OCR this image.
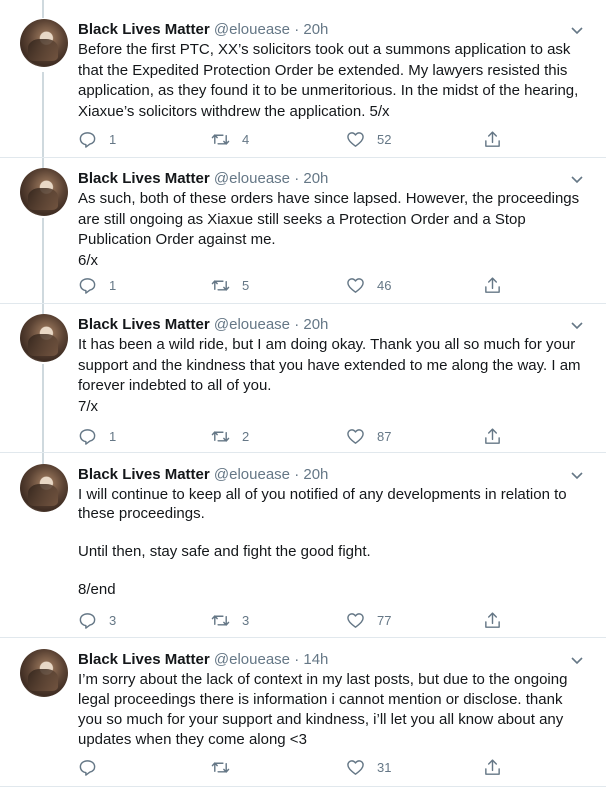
Black Lives Matter @elouease · 20h
Before the first PTC, XX’s solicitors took out a summons application to ask
that the Expedited Protection Order be extended. My lawyers resisted this
application, as they found it to be unmeritorious. In the midst of the hearing,
Xiaxue’s solicitors withdrew the application. 5/x
1	4	52
Black Lives Matter @elouease · 20h
As such, both of these orders have since lapsed. However, the proceedings
are still ongoing as Xiaxue still seeks a Protection Order and a Stop
Publication Order against me.
6/x
1	5	46
Black Lives Matter @elouease · 20h
It has been a wild ride, but I am doing okay. Thank you all so much for your
support and the kindness that you have extended to me along the way. I am
forever indebted to all of you.
7/x
1	2	87
Black Lives Matter @elouease · 20h
I will continue to keep all of you notified of any developments in relation to
these proceedings.

Until then, stay safe and fight the good fight.

8/end
3	3	77
Black Lives Matter @elouease · 14h
I’m sorry about the lack of context in my last posts, but due to the ongoing
legal proceedings there is information i cannot mention or disclose. thank
you so much for your support and kindness, i’ll let you all know about any
updates when they come along <3
31
